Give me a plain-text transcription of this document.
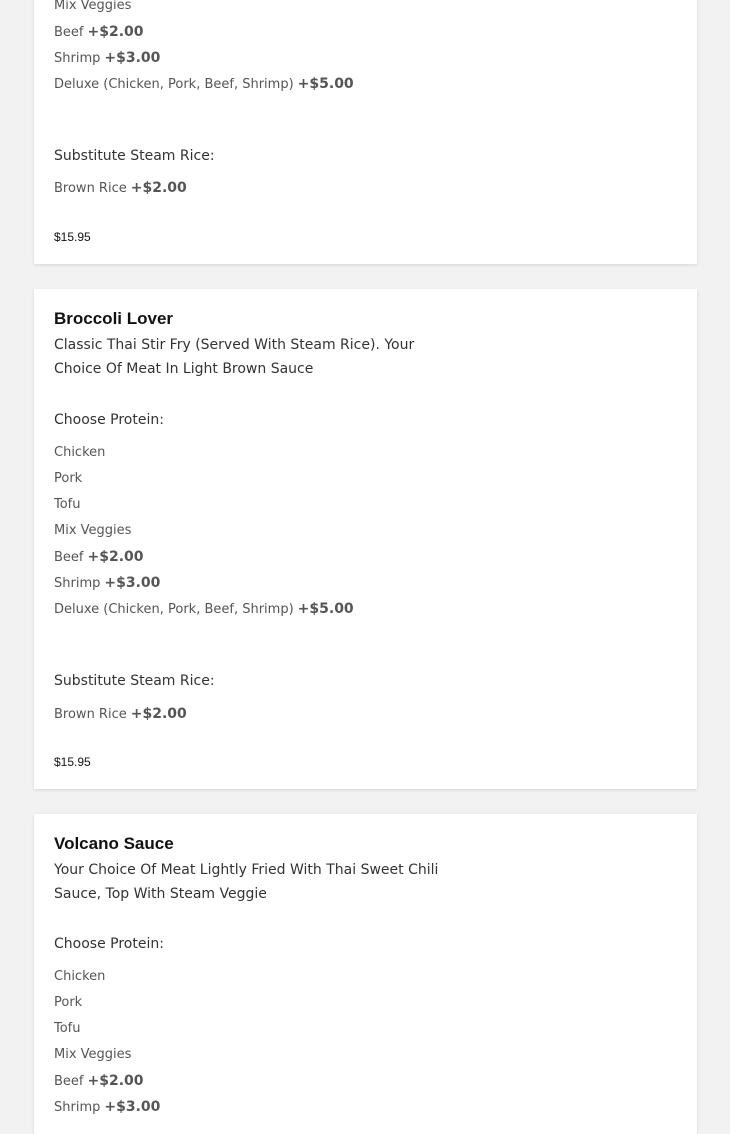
Mix Veggies
Beef +$2.00
Shrimp +$3.00
Deluxe (Chicken, Pork, Beef, Shrimp) +$5.00
Substitute Steam Rice:
Brown Rice +$2.00
$15.95
Broccoli Lover
Classic Thai Stir Fry (Served With Steam Rice). Your Choice Of Meat In Light Brown Sauce
Choose Protein:
Chicken
Pork
Tofu
Mix Veggies
Beef +$2.00
Shrimp +$3.00
Deluxe (Chicken, Pork, Beef, Shrimp) +$5.00
Substitute Steam Rice:
Brown Rice +$2.00
$15.95
Volcano Sauce
Your Choice Of Meat Lightly Fried With Thai Sweet Chili Sauce, Top With Steam Veggie
Choose Protein:
Chicken
Pork
Tofu
Mix Veggies
Beef +$2.00
Shrimp +$3.00
